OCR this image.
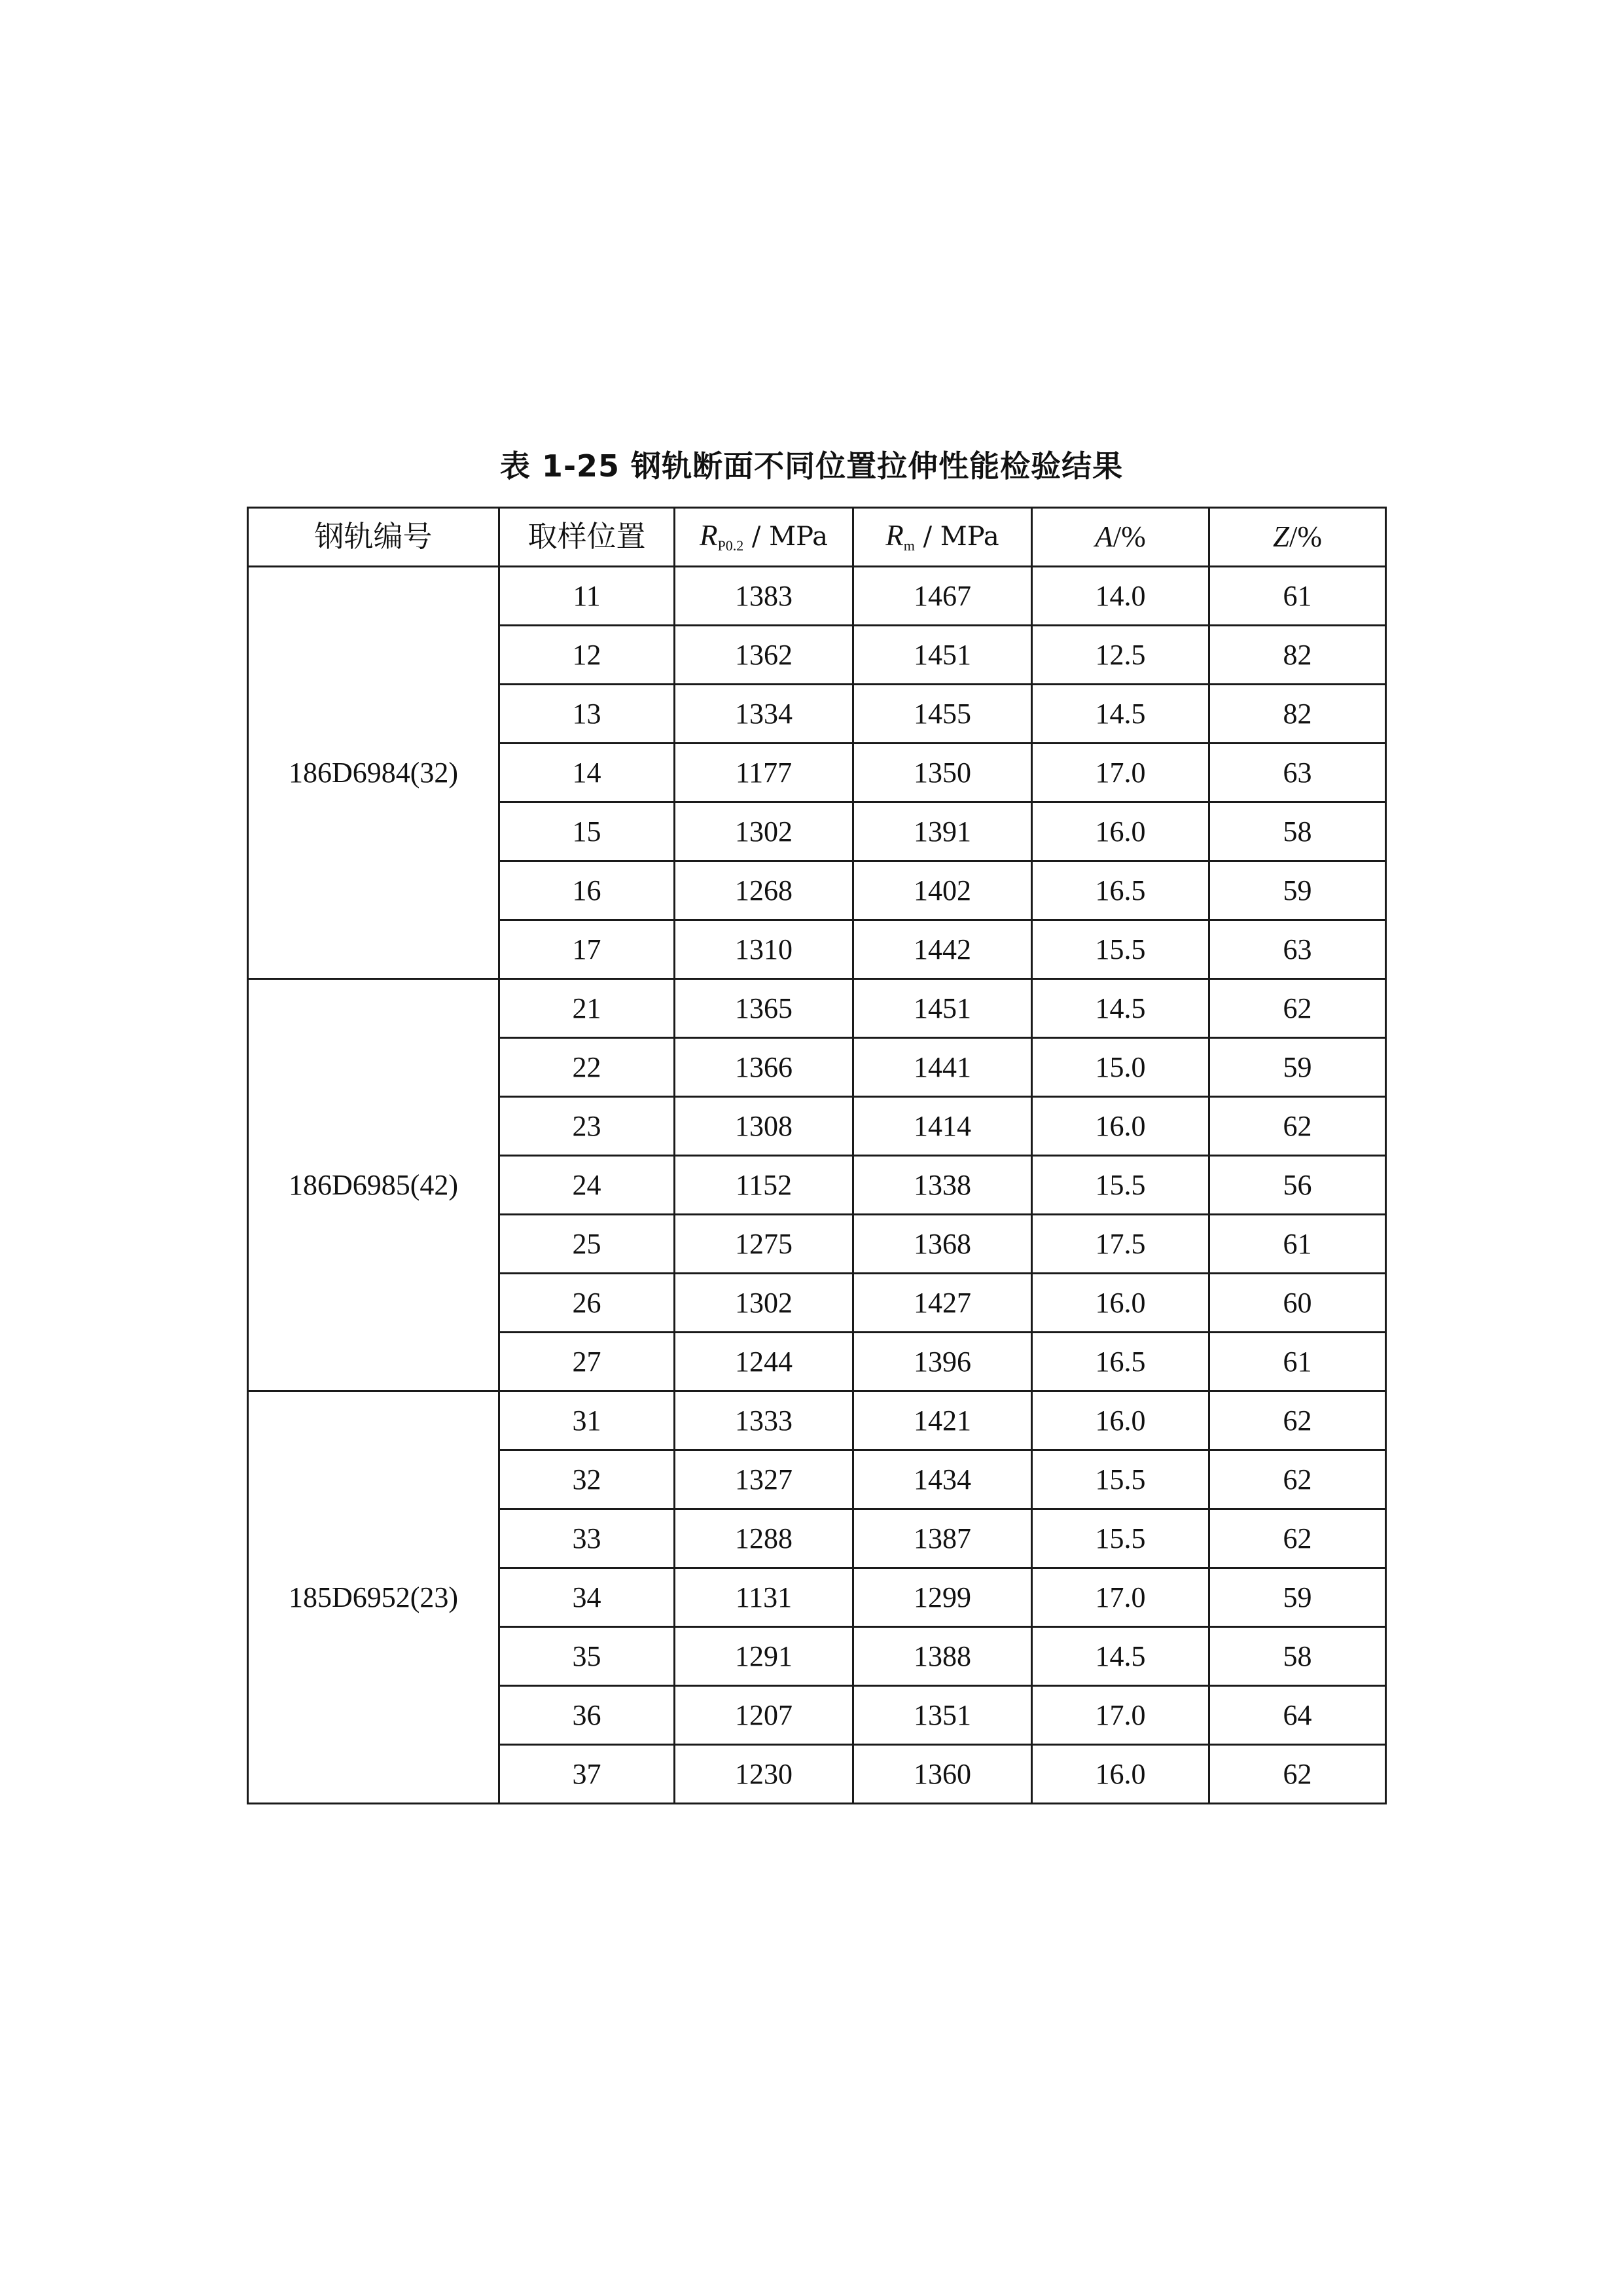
表 1-25 钢轨断面不同位置拉伸性能检验结果
钢轨编号	取样位置	$R_{P0.2}$ / MPa	$R_m$ / MPa	A/%	Z/%
186D6984(32)	11	1383	1467	14.0	61
	12	1362	1451	12.5	82
	13	1334	1455	14.5	82
	14	1177	1350	17.0	63
	15	1302	1391	16.0	58
	16	1268	1402	16.5	59
	17	1310	1442	15.5	63
186D6985(42)	21	1365	1451	14.5	62
	22	1366	1441	15.0	59
	23	1308	1414	16.0	62
	24	1152	1338	15.5	56
	25	1275	1368	17.5	61
	26	1302	1427	16.0	60
	27	1244	1396	16.5	61
185D6952(23)	31	1333	1421	16.0	62
	32	1327	1434	15.5	62
	33	1288	1387	15.5	62
	34	1131	1299	17.0	59
	35	1291	1388	14.5	58
	36	1207	1351	17.0	64
	37	1230	1360	16.0	62
